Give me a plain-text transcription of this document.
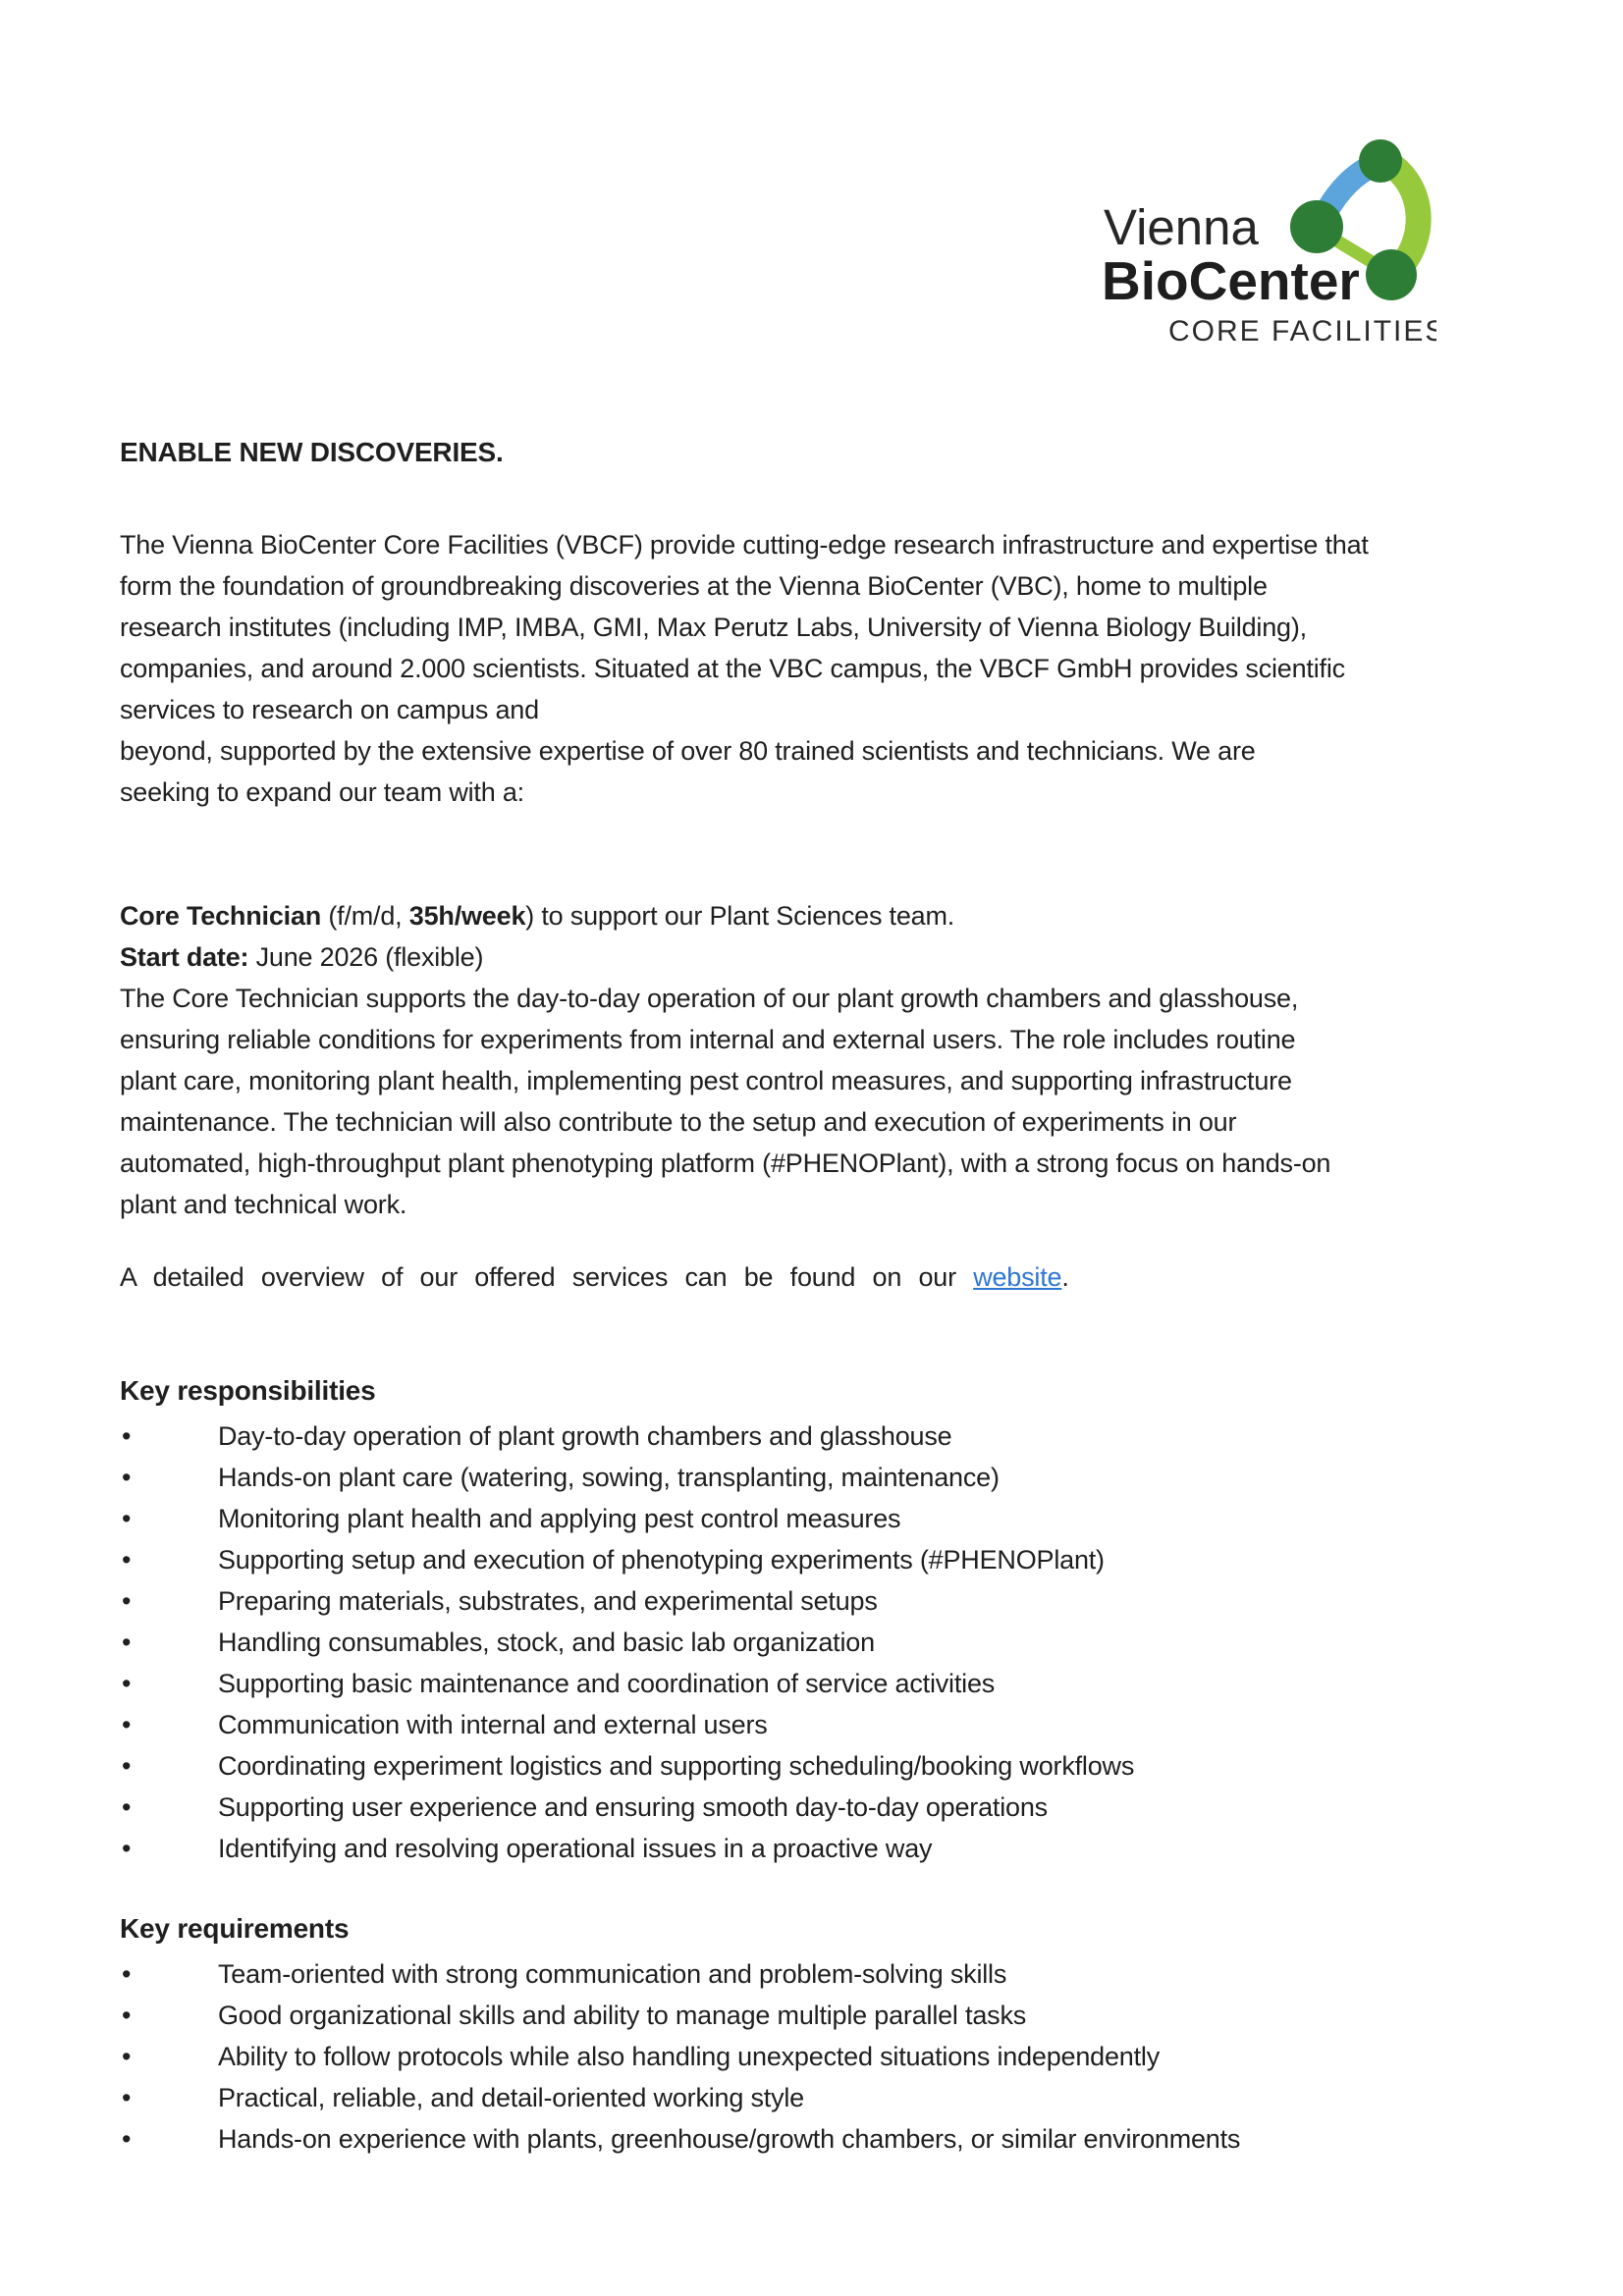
Vienna
BioCenter
CORE FACILITIES
ENABLE NEW DISCOVERIES.

The Vienna BioCenter Core Facilities (VBCF) provide cutting-edge research infrastructure and expertise that
form the foundation of groundbreaking discoveries at the Vienna BioCenter (VBC), home to multiple
research institutes (including IMP, IMBA, GMI, Max Perutz Labs, University of Vienna Biology Building),
companies, and around 2.000 scientists. Situated at the VBC campus, the VBCF GmbH provides scientific
services to research on campus and
beyond, supported by the extensive expertise of over 80 trained scientists and technicians. We are
seeking to expand our team with a:

Core Technician (f/m/d, 35h/week) to support our Plant Sciences team.
Start date: June 2026 (flexible)

The Core Technician supports the day-to-day operation of our plant growth chambers and glasshouse,
ensuring reliable conditions for experiments from internal and external users. The role includes routine
plant care, monitoring plant health, implementing pest control measures, and supporting infrastructure
maintenance. The technician will also contribute to the setup and execution of experiments in our
automated, high-throughput plant phenotyping platform (#PHENOPlant), with a strong focus on hands-on
plant and technical work.

A detailed overview of our offered services can be found on our website.

Key responsibilities
•	Day-to-day operation of plant growth chambers and glasshouse
•	Hands-on plant care (watering, sowing, transplanting, maintenance)
•	Monitoring plant health and applying pest control measures
•	Supporting setup and execution of phenotyping experiments (#PHENOPlant)
•	Preparing materials, substrates, and experimental setups
•	Handling consumables, stock, and basic lab organization
•	Supporting basic maintenance and coordination of service activities
•	Communication with internal and external users
•	Coordinating experiment logistics and supporting scheduling/booking workflows
•	Supporting user experience and ensuring smooth day-to-day operations
•	Identifying and resolving operational issues in a proactive way
Key requirements
•	Team-oriented with strong communication and problem-solving skills
•	Good organizational skills and ability to manage multiple parallel tasks
•	Ability to follow protocols while also handling unexpected situations independently
•	Practical, reliable, and detail-oriented working style
•	Hands-on experience with plants, greenhouse/growth chambers, or similar environments
